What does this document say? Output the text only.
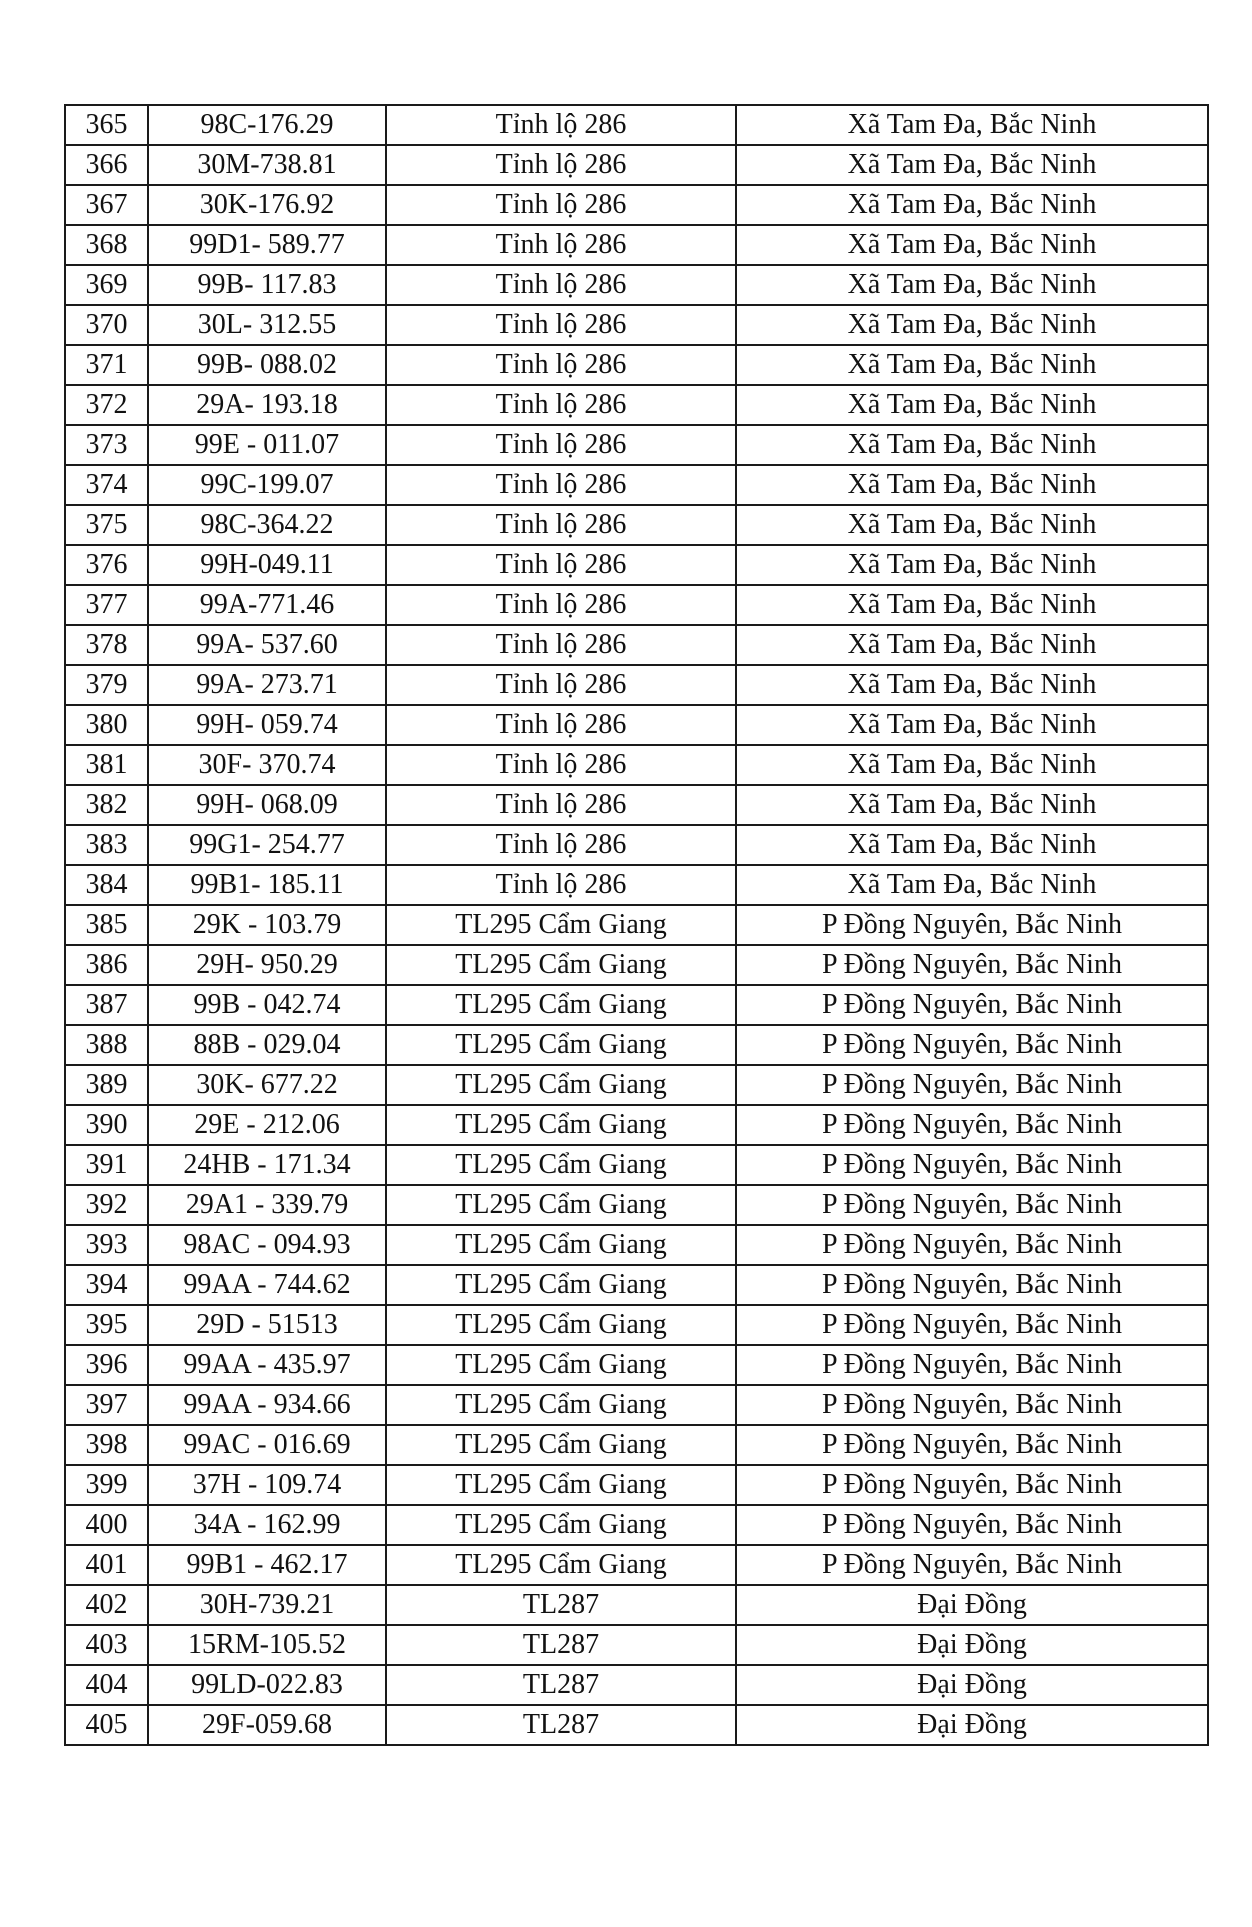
365	98C-176.29	Tỉnh lộ 286	Xã Tam Đa, Bắc Ninh
366	30M-738.81	Tỉnh lộ 286	Xã Tam Đa, Bắc Ninh
367	30K-176.92	Tỉnh lộ 286	Xã Tam Đa, Bắc Ninh
368	99D1- 589.77	Tỉnh lộ 286	Xã Tam Đa, Bắc Ninh
369	99B- 117.83	Tỉnh lộ 286	Xã Tam Đa, Bắc Ninh
370	30L- 312.55	Tỉnh lộ 286	Xã Tam Đa, Bắc Ninh
371	99B- 088.02	Tỉnh lộ 286	Xã Tam Đa, Bắc Ninh
372	29A- 193.18	Tỉnh lộ 286	Xã Tam Đa, Bắc Ninh
373	99E - 011.07	Tỉnh lộ 286	Xã Tam Đa, Bắc Ninh
374	99C-199.07	Tỉnh lộ 286	Xã Tam Đa, Bắc Ninh
375	98C-364.22	Tỉnh lộ 286	Xã Tam Đa, Bắc Ninh
376	99H-049.11	Tỉnh lộ 286	Xã Tam Đa, Bắc Ninh
377	99A-771.46	Tỉnh lộ 286	Xã Tam Đa, Bắc Ninh
378	99A- 537.60	Tỉnh lộ 286	Xã Tam Đa, Bắc Ninh
379	99A- 273.71	Tỉnh lộ 286	Xã Tam Đa, Bắc Ninh
380	99H- 059.74	Tỉnh lộ 286	Xã Tam Đa, Bắc Ninh
381	30F- 370.74	Tỉnh lộ 286	Xã Tam Đa, Bắc Ninh
382	99H- 068.09	Tỉnh lộ 286	Xã Tam Đa, Bắc Ninh
383	99G1- 254.77	Tỉnh lộ 286	Xã Tam Đa, Bắc Ninh
384	99B1- 185.11	Tỉnh lộ 286	Xã Tam Đa, Bắc Ninh
385	29K - 103.79	TL295 Cẩm Giang	P Đồng Nguyên, Bắc Ninh
386	29H- 950.29	TL295 Cẩm Giang	P Đồng Nguyên, Bắc Ninh
387	99B - 042.74	TL295 Cẩm Giang	P Đồng Nguyên, Bắc Ninh
388	88B - 029.04	TL295 Cẩm Giang	P Đồng Nguyên, Bắc Ninh
389	30K- 677.22	TL295 Cẩm Giang	P Đồng Nguyên, Bắc Ninh
390	29E - 212.06	TL295 Cẩm Giang	P Đồng Nguyên, Bắc Ninh
391	24HB - 171.34	TL295 Cẩm Giang	P Đồng Nguyên, Bắc Ninh
392	29A1 - 339.79	TL295 Cẩm Giang	P Đồng Nguyên, Bắc Ninh
393	98AC - 094.93	TL295 Cẩm Giang	P Đồng Nguyên, Bắc Ninh
394	99AA - 744.62	TL295 Cẩm Giang	P Đồng Nguyên, Bắc Ninh
395	29D - 51513	TL295 Cẩm Giang	P Đồng Nguyên, Bắc Ninh
396	99AA - 435.97	TL295 Cẩm Giang	P Đồng Nguyên, Bắc Ninh
397	99AA - 934.66	TL295 Cẩm Giang	P Đồng Nguyên, Bắc Ninh
398	99AC - 016.69	TL295 Cẩm Giang	P Đồng Nguyên, Bắc Ninh
399	37H - 109.74	TL295 Cẩm Giang	P Đồng Nguyên, Bắc Ninh
400	34A - 162.99	TL295 Cẩm Giang	P Đồng Nguyên, Bắc Ninh
401	99B1 - 462.17	TL295 Cẩm Giang	P Đồng Nguyên, Bắc Ninh
402	30H-739.21	TL287	Đại Đồng
403	15RM-105.52	TL287	Đại Đồng
404	99LD-022.83	TL287	Đại Đồng
405	29F-059.68	TL287	Đại Đồng
